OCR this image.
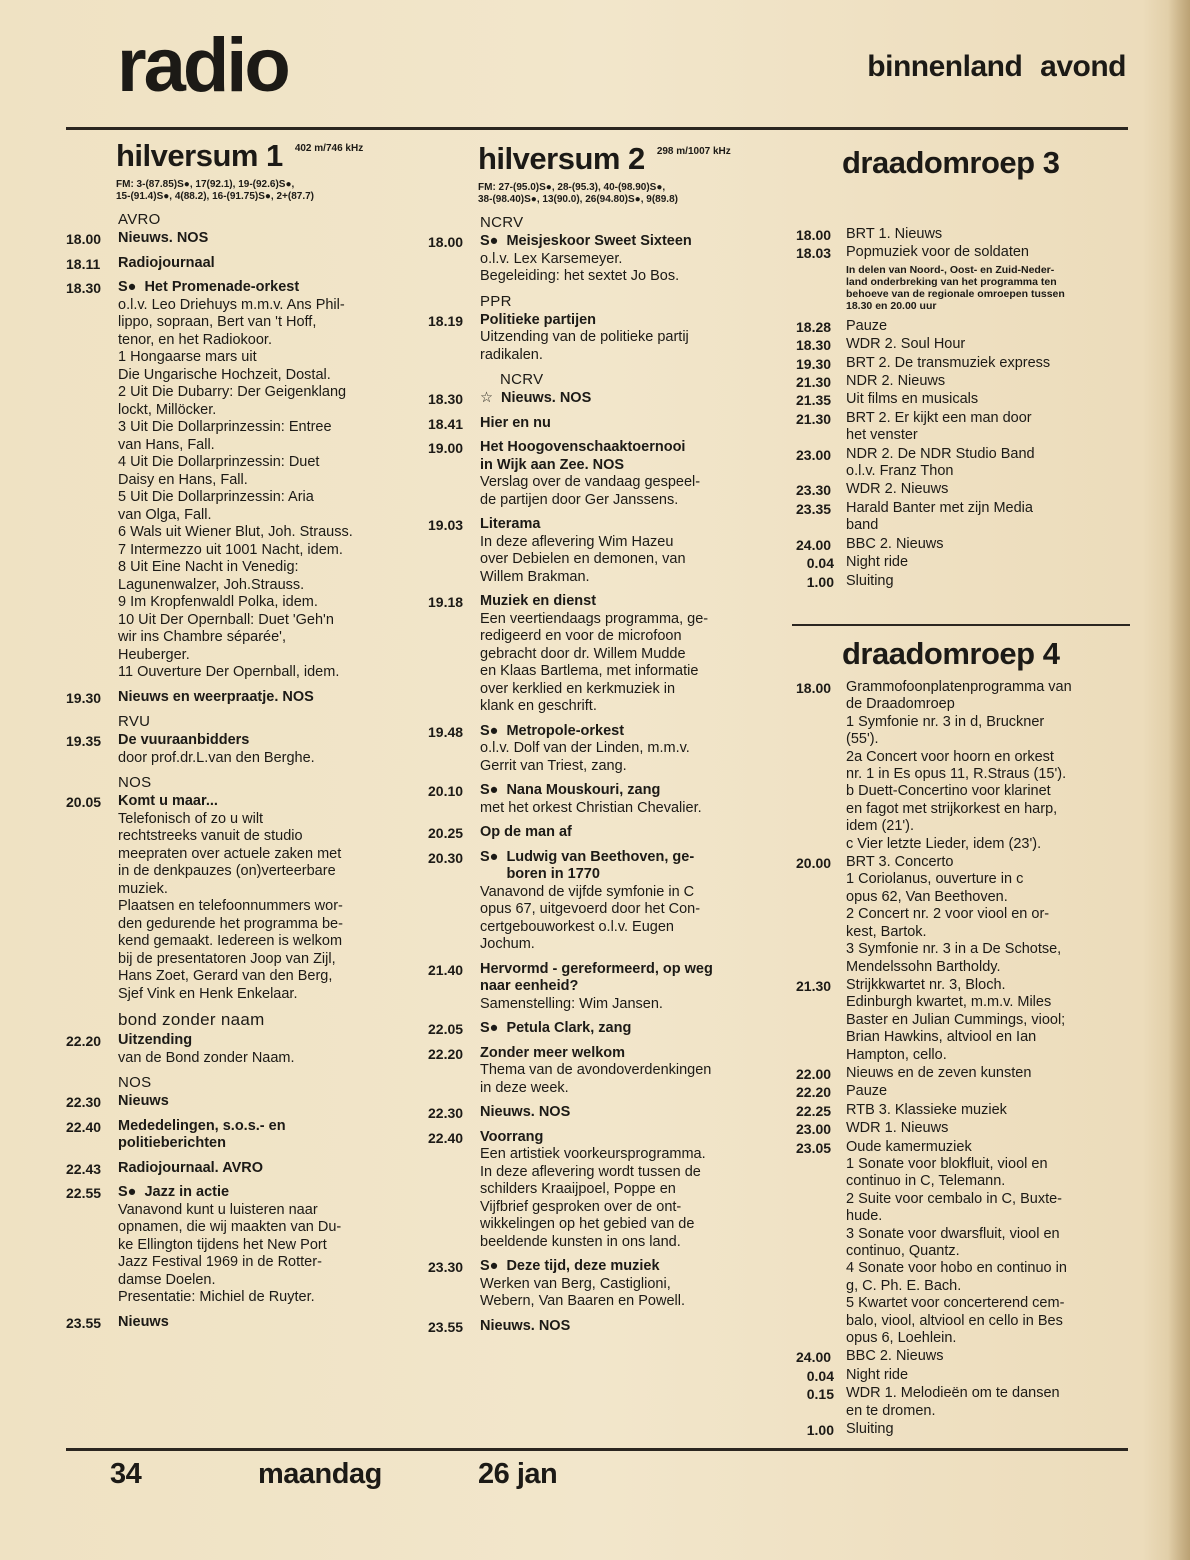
radio	binnenland avond
hilversum 1 $^{402 m/746 kHz}$
FM: 3-(87.85)S●, 17(92.1), 19-(92.6)S●,
15-(91.4)S●, 4(88.2), 16-(91.75)S●, 2+(87.7)
AVRO
18.00	Nieuws. NOS
18.11	Radiojournaal
18.30	S● Het Promenade-orkest
o.l.v. Leo Driehuys m.m.v. Ans Phil-
lippo, sopraan, Bert van 't Hoff,
tenor, en het Radiokoor.
1 Hongaarse mars uit
Die Ungarische Hochzeit, Dostal.
2 Uit Die Dubarry: Der Geigenklang
lockt, Millöcker.
3 Uit Die Dollarprinzessin: Entree
van Hans, Fall.
4 Uit Die Dollarprinzessin: Duet
Daisy en Hans, Fall.
5 Uit Die Dollarprinzessin: Aria
van Olga, Fall.
6 Wals uit Wiener Blut, Joh. Strauss.
7 Intermezzo uit 1001 Nacht, idem.
8 Uit Eine Nacht in Venedig:
Lagunenwalzer, Joh.Strauss.
9 Im Kropfenwaldl Polka, idem.
10 Uit Der Opernball: Duet 'Geh'n
wir ins Chambre séparée',
Heuberger.
11 Ouverture Der Opernball, idem.
19.30	Nieuws en weerpraatje. NOS
RVU
19.35	De vuuraanbidders
door prof.dr.L.van den Berghe.
NOS
20.05	Komt u maar...
Telefonisch of zo u wilt
rechtstreeks vanuit de studio
meepraten over actuele zaken met
in de denkpauzes (on)verteerbare
muziek.
Plaatsen en telefoonnummers wor-
den gedurende het programma be-
kend gemaakt. Iedereen is welkom
bij de presentatoren Joop van Zijl,
Hans Zoet, Gerard van den Berg,
Sjef Vink en Henk Enkelaar.
bond zonder naam
22.20	Uitzending
van de Bond zonder Naam.
NOS
22.30	Nieuws
22.40	Mededelingen, s.o.s.- en
politieberichten
22.43	Radiojournaal. AVRO
22.55	S● Jazz in actie
Vanavond kunt u luisteren naar
opnamen, die wij maakten van Du-
ke Ellington tijdens het New Port
Jazz Festival 1969 in de Rotter-
damse Doelen.
Presentatie: Michiel de Ruyter.
23.55	Nieuws
hilversum 2 $^{298 m/1007 kHz}$
FM: 27-(95.0)S●, 28-(95.3), 40-(98.90)S●,
38-(98.40)S●, 13(90.0), 26(94.80)S●, 9(89.8)
NCRV
18.00	S● Meisjeskoor Sweet Sixteen
o.l.v. Lex Karsemeyer.
Begeleiding: het sextet Jo Bos.
PPR
18.19	Politieke partijen
Uitzending van de politieke partij
radikalen.
NCRV
18.30	☆ Nieuws. NOS
18.41	Hier en nu
19.00	Het Hoogovenschaaktoernooi
in Wijk aan Zee. NOS
Verslag over de vandaag gespeel-
de partijen door Ger Janssens.
19.03	Literama
In deze aflevering Wim Hazeu
over Debielen en demonen, van
Willem Brakman.
19.18	Muziek en dienst
Een veertiendaags programma, ge-
redigeerd en voor de microfoon
gebracht door dr. Willem Mudde
en Klaas Bartlema, met informatie
over kerklied en kerkmuziek in
klank en geschrift.
19.48	S● Metropole-orkest
o.l.v. Dolf van der Linden, m.m.v.
Gerrit van Triest, zang.
20.10	S● Nana Mouskouri, zang
met het orkest Christian Chevalier.
20.25	Op de man af
20.30	S● Ludwig van Beethoven, ge-
boren in 1770
Vanavond de vijfde symfonie in C
opus 67, uitgevoerd door het Con-
certgebouworkest o.l.v. Eugen
Jochum.
21.40	Hervormd - gereformeerd, op weg
naar eenheid?
Samenstelling: Wim Jansen.
22.05	S● Petula Clark, zang
22.20	Zonder meer welkom
Thema van de avondoverdenkingen
in deze week.
22.30	Nieuws. NOS
22.40	Voorrang
Een artistiek voorkeursprogramma.
In deze aflevering wordt tussen de
schilders Kraaijpoel, Poppe en
Vijfbrief gesproken over de ont-
wikkelingen op het gebied van de
beeldende kunsten in ons land.
23.30	S● Deze tijd, deze muziek
Werken van Berg, Castiglioni,
Webern, Van Baaren en Powell.
23.55	Nieuws. NOS
draadomroep 3
18.00	BRT 1. Nieuws
18.03	Popmuziek voor de soldaten
In delen van Noord-, Oost- en Zuid-Neder-
land onderbreking van het programma ten
behoeve van de regionale omroepen tussen
18.30 en 20.00 uur
18.28	Pauze
18.30	WDR 2. Soul Hour
19.30	BRT 2. De transmuziek express
21.30	NDR 2. Nieuws
21.35	Uit films en musicals
21.30	BRT 2. Er kijkt een man door
het venster
23.00	NDR 2. De NDR Studio Band
o.l.v. Franz Thon
23.30	WDR 2. Nieuws
23.35	Harald Banter met zijn Media
band
24.00	BBC 2. Nieuws
0.04 Night ride
1.00 Sluiting
draadomroep 4
18.00	Grammofoonplatenprogramma van
de Draadomroep
1 Symfonie nr. 3 in d, Bruckner
(55').
2a Concert voor hoorn en orkest
nr. 1 in Es opus 11, R.Straus (15').
b Duett-Concertino voor klarinet
en fagot met strijkorkest en harp,
idem (21').
c Vier letzte Lieder, idem (23').
20.00	BRT 3. Concerto
1 Coriolanus, ouverture in c
opus 62, Van Beethoven.
2 Concert nr. 2 voor viool en or-
kest, Bartok.
3 Symfonie nr. 3 in a De Schotse,
Mendelssohn Bartholdy.
21.30	Strijkkwartet nr. 3, Bloch.
Edinburgh kwartet, m.m.v. Miles
Baster en Julian Cummings, viool;
Brian Hawkins, altviool en Ian
Hampton, cello.
22.00	Nieuws en de zeven kunsten
22.20	Pauze
22.25	RTB 3. Klassieke muziek
23.00	WDR 1. Nieuws
23.05	Oude kamermuziek
1 Sonate voor blokfluit, viool en
continuo in C, Telemann.
2 Suite voor cembalo in C, Buxte-
hude.
3 Sonate voor dwarsfluit, viool en
continuo, Quantz.
4 Sonate voor hobo en continuo in
g, C. Ph. E. Bach.
5 Kwartet voor concerterend cem-
balo, viool, altviool en cello in Bes
opus 6, Loehlein.
24.00	BBC 2. Nieuws
0.04 Night ride
0.15 WDR 1. Melodieën om te dansen
en te dromen.
1.00 Sluiting
34	maandag	26 jan
